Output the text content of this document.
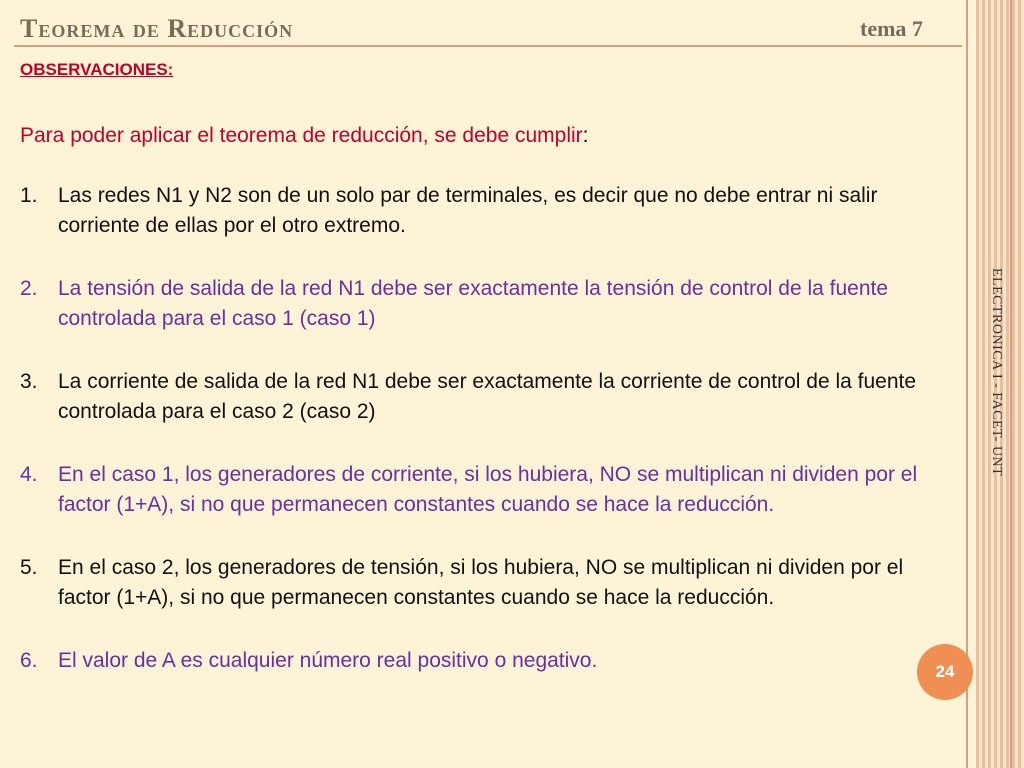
ELECTRONICA I - FACET- UNT
Teorema de Reducción	tema 7
OBSERVACIONES:
Para poder aplicar el teorema de reducción, se debe cumplir:
1. Las redes N1 y N2 son de un solo par de terminales, es decir que no debe entrar ni salir corriente de ellas por el otro extremo.
2. La tensión de salida de la red N1 debe ser exactamente la tensión de control de la fuente controlada para el caso 1 (caso 1)
3. La corriente de salida de la red N1 debe ser exactamente la corriente de control de la fuente controlada para el caso 2 (caso 2)
4. En el caso 1, los generadores de corriente, si los hubiera, NO se multiplican ni dividen por el factor (1+A), si no que permanecen constantes cuando se hace la reducción.
5. En el caso 2, los generadores de tensión, si los hubiera, NO se multiplican ni dividen por el factor (1+A), si no que permanecen constantes cuando se hace la reducción.
6. El valor de A es cualquier número real positivo o negativo.	24
